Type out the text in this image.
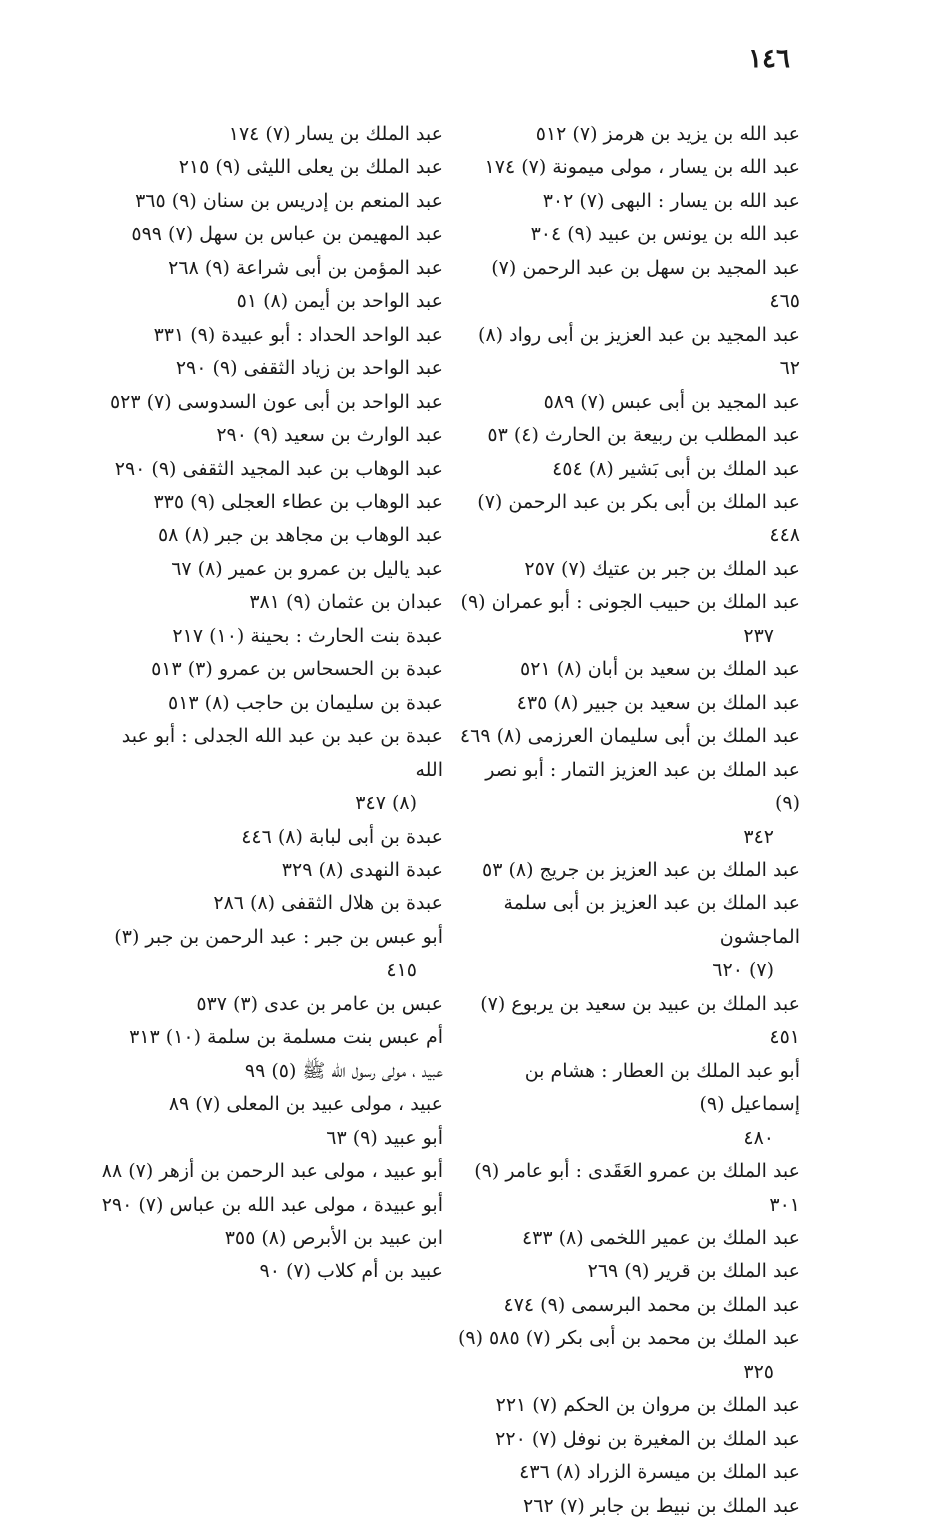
١٤٦
عبد الله بن يزيد بن هرمز (٧) ٥١٢
عبد الله بن يسار ، مولى ميمونة (٧) ١٧٤
عبد الله بن يسار : البهى (٧) ٣٠٢
عبد الله بن يونس بن عبيد (٩) ٣٠٤
عبد المجيد بن سهل بن عبد الرحمن (٧) ٤٦٥
عبد المجيد بن عبد العزيز بن أبى رواد (٨) ٦٢
عبد المجيد بن أبى عبس (٧) ٥٨٩
عبد المطلب بن ربيعة بن الحارث (٤) ٥٣
عبد الملك بن أبى بَشير (٨) ٤٥٤
عبد الملك بن أبى بكر بن عبد الرحمن (٧) ٤٤٨
عبد الملك بن جبر بن عتيك (٧) ٢٥٧
عبد الملك بن حبيب الجونى : أبو عمران (٩)
٢٣٧
عبد الملك بن سعيد بن أبان (٨) ٥٢١
عبد الملك بن سعيد بن جبير (٨) ٤٣٥
عبد الملك بن أبى سليمان العرزمى (٨) ٤٦٩
عبد الملك بن عبد العزيز التمار : أبو نصر (٩)
٣٤٢
عبد الملك بن عبد العزيز بن جريج (٨) ٥٣
عبد الملك بن عبد العزيز بن أبى سلمة الماجشون
(٧) ٦٢٠
عبد الملك بن عبيد بن سعيد بن يربوع (٧) ٤٥١
أبو عبد الملك بن العطار : هشام بن إسماعيل (٩)
٤٨٠
عبد الملك بن عمرو العَقَدى : أبو عامر (٩) ٣٠١
عبد الملك بن عمير اللخمى (٨) ٤٣٣
عبد الملك بن قرير (٩) ٢٦٩
عبد الملك بن محمد البرسمى (٩) ٤٧٤
عبد الملك بن محمد بن أبى بكر (٧) ٥٨٥ (٩)
٣٢٥
عبد الملك بن مروان بن الحكم (٧) ٢٢١
عبد الملك بن المغيرة بن نوفل (٧) ٢٢٠
عبد الملك بن ميسرة الزراد (٨) ٤٣٦
عبد الملك بن نبيط بن جابر (٧) ٢٦٢
عبد الملك بن يسار (٧) ١٧٤
عبد الملك بن يعلى الليثى (٩) ٢١٥
عبد المنعم بن إدريس بن سنان (٩) ٣٦٥
عبد المهيمن بن عباس بن سهل (٧) ٥٩٩
عبد المؤمن بن أبى شراعة (٩) ٢٦٨
عبد الواحد بن أيمن (٨) ٥١
عبد الواحد الحداد : أبو عبيدة (٩) ٣٣١
عبد الواحد بن زياد الثقفى (٩) ٢٩٠
عبد الواحد بن أبى عون السدوسى (٧) ٥٢٣
عبد الوارث بن سعيد (٩) ٢٩٠
عبد الوهاب بن عبد المجيد الثقفى (٩) ٢٩٠
عبد الوهاب بن عطاء العجلى (٩) ٣٣٥
عبد الوهاب بن مجاهد بن جبر (٨) ٥٨
عبد ياليل بن عمرو بن عمير (٨) ٦٧
عبدان بن عثمان (٩) ٣٨١
عبدة بنت الحارث : بحينة (١٠) ٢١٧
عبدة بن الحسحاس بن عمرو (٣) ٥١٣
عبدة بن سليمان بن حاجب (٨) ٥١٣
عبدة بن عبد بن عبد الله الجدلى : أبو عبد الله
(٨) ٣٤٧
عبدة بن أبى لبابة (٨) ٤٤٦
عبدة النهدى (٨) ٣٢٩
عبدة بن هلال الثقفى (٨) ٢٨٦
أبو عبس بن جبر : عبد الرحمن بن جبر (٣)
٤١٥
عبس بن عامر بن عدى (٣) ٥٣٧
أم عبس بنت مسلمة بن سلمة (١٠) ٣١٣
عبيد ، مولى رسول الله ﷺ (٥) ٩٩
عبيد ، مولى عبيد بن المعلى (٧) ٨٩
أبو عبيد (٩) ٦٣
أبو عبيد ، مولى عبد الرحمن بن أزهر (٧) ٨٨
أبو عبيدة ، مولى عبد الله بن عباس (٧) ٢٩٠
ابن عبيد بن الأبرص (٨) ٣٥٥
عبيد بن أم كلاب (٧) ٩٠
